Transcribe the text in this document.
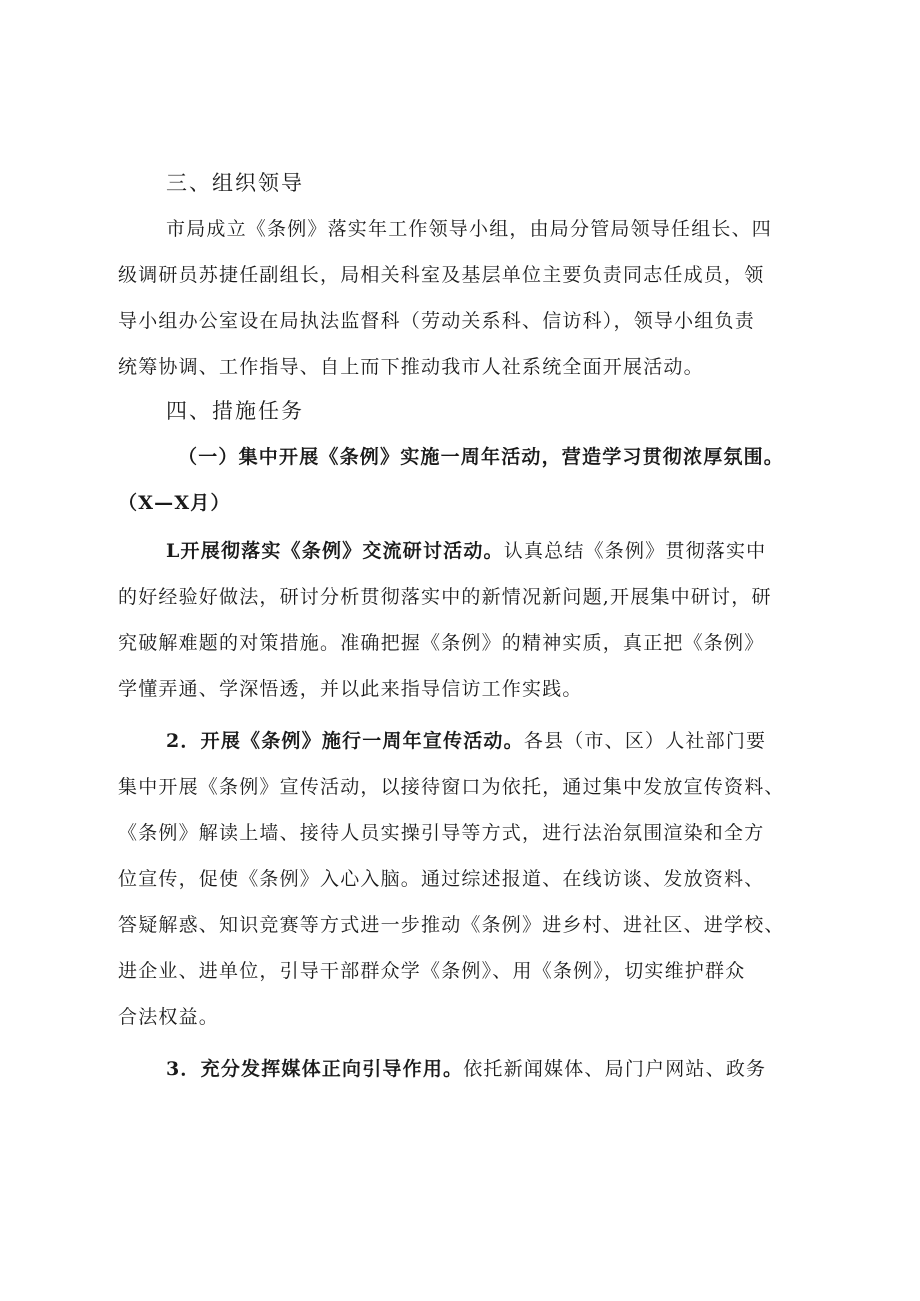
三、组织领导
市局成立《条例》落实年工作领导小组，由局分管局领导任组长、四
级调研员苏捷任副组长，局相关科室及基层单位主要负责同志任成员，领
导小组办公室设在局执法监督科（劳动关系科、信访科），领导小组负责
统筹协调、工作指导、自上而下推动我市人社系统全面开展活动。
四、措施任务
（一）集中开展《条例》实施一周年活动，营造学习贯彻浓厚氛围。
（X—X月）
L开展彻落实《条例》交流研讨活动。认真总结《条例》贯彻落实中
的好经验好做法，研讨分析贯彻落实中的新情况新问题,开展集中研讨，研
究破解难题的对策措施。准确把握《条例》的精神实质，真正把《条例》
学懂弄通、学深悟透，并以此来指导信访工作实践。
2．开展《条例》施行一周年宣传活动。各县（市、区）人社部门要
集中开展《条例》宣传活动，以接待窗口为依托，通过集中发放宣传资料、
《条例》解读上墙、接待人员实操引导等方式，进行法治氛围渲染和全方
位宣传，促使《条例》入心入脑。通过综述报道、在线访谈、发放资料、
答疑解惑、知识竞赛等方式进一步推动《条例》进乡村、进社区、进学校、
进企业、进单位，引导干部群众学《条例》、用《条例》，切实维护群众
合法权益。
3．充分发挥媒体正向引导作用。依托新闻媒体、局门户网站、政务
